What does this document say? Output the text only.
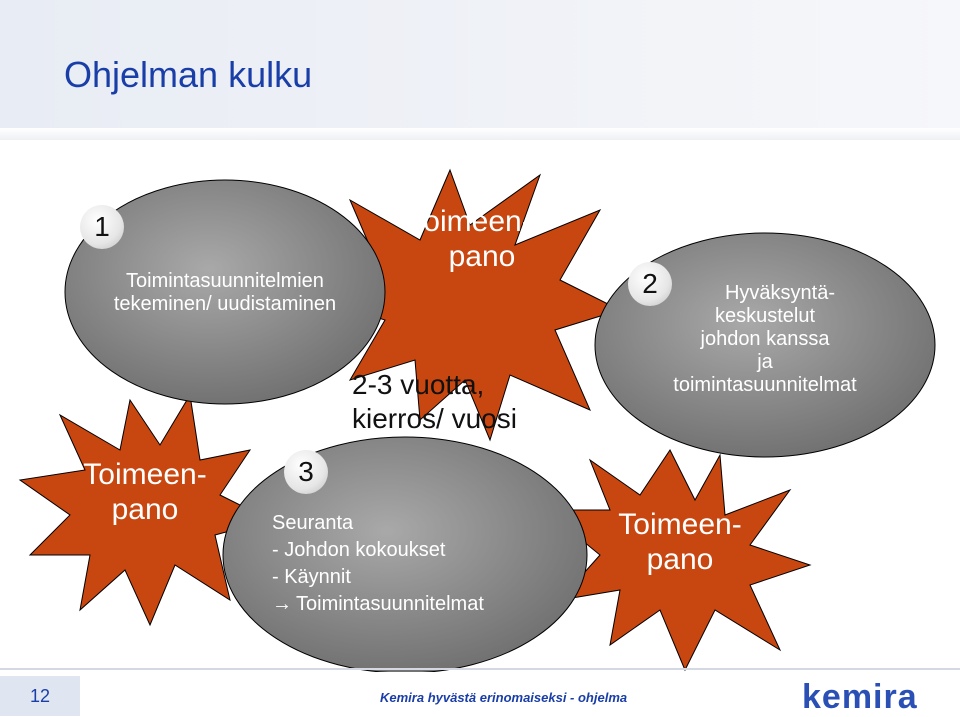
Ohjelman kulku
1
2
3
Toimintasuunnitelmien
tekeminen/ uudistaminen	Hyväksyntä-
keskustelut
johdon kanssa
ja
toimintasuunnitelmat
Seuranta
- Johdon kokoukset
- Käynnit
→ Toimintasuunnitelmat
Toimeen-
pano
Toimeen-
pano	Toimeen-
pano
2-3 vuotta,
kierros/ vuosi
12	Kemira hyvästä erinomaiseksi - ohjelma	kemira
